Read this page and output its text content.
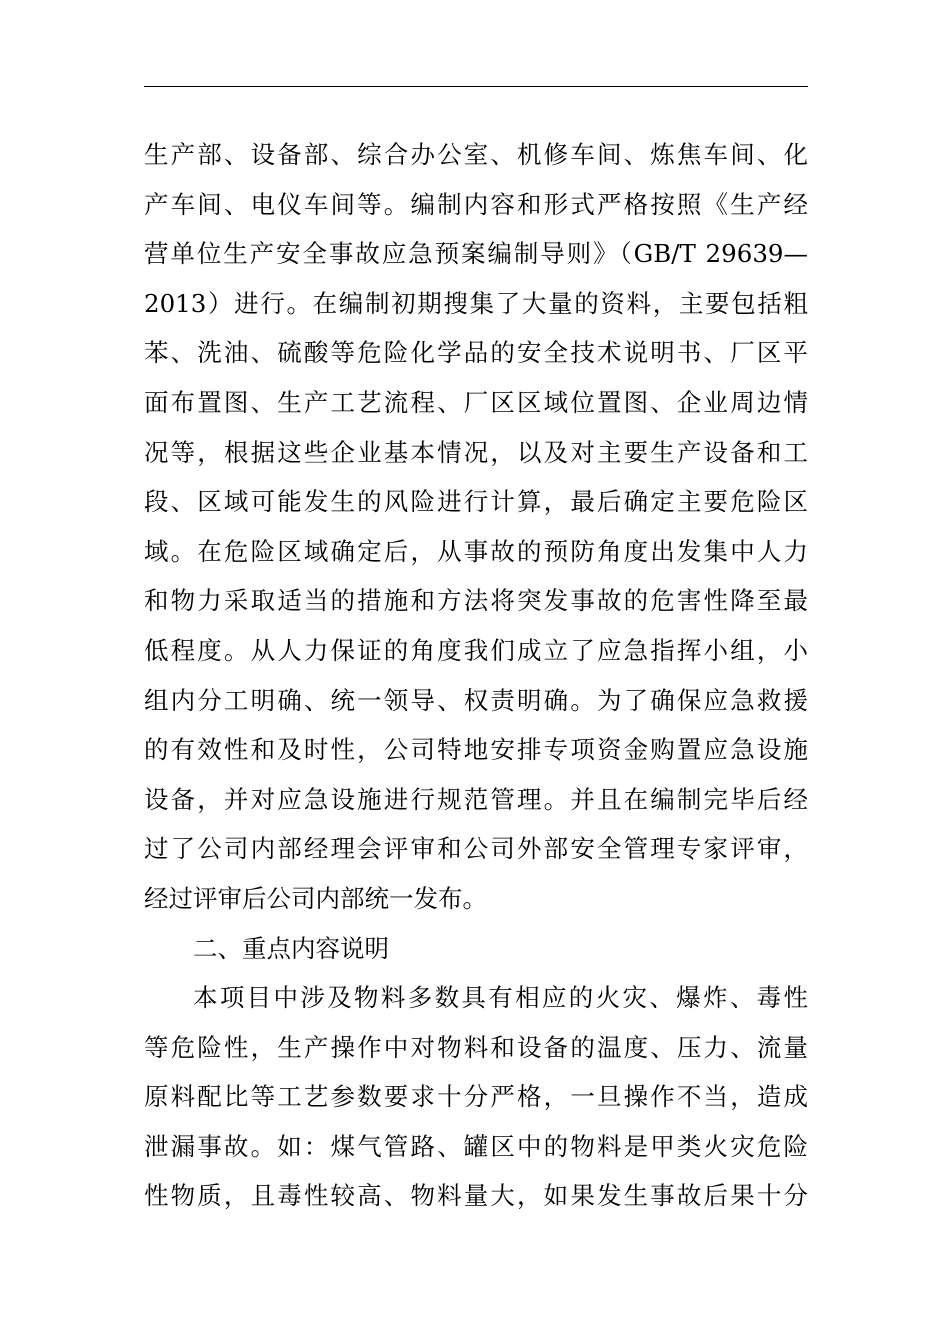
生产部、设备部、综合办公室、机修车间、炼焦车间、化
产车间、电仪车间等。编制内容和形式严格按照《生产经
营单位生产安全事故应急预案编制导则》（GB/T 29639—
2013）进行。在编制初期搜集了大量的资料，主要包括粗
苯、洗油、硫酸等危险化学品的安全技术说明书、厂区平
面布置图、生产工艺流程、厂区区域位置图、企业周边情
况等，根据这些企业基本情况，以及对主要生产设备和工
段、区域可能发生的风险进行计算，最后确定主要危险区
域。在危险区域确定后，从事故的预防角度出发集中人力
和物力采取适当的措施和方法将突发事故的危害性降至最
低程度。从人力保证的角度我们成立了应急指挥小组，小
组内分工明确、统一领导、权责明确。为了确保应急救援
的有效性和及时性，公司特地安排专项资金购置应急设施
设备，并对应急设施进行规范管理。并且在编制完毕后经
过了公司内部经理会评审和公司外部安全管理专家评审，
经过评审后公司内部统一发布。
二、重点内容说明
本项目中涉及物料多数具有相应的火灾、爆炸、毒性
等危险性，生产操作中对物料和设备的温度、压力、流量
原料配比等工艺参数要求十分严格，一旦操作不当，造成
泄漏事故。如：煤气管路、罐区中的物料是甲类火灾危险
性物质，且毒性较高、物料量大，如果发生事故后果十分
